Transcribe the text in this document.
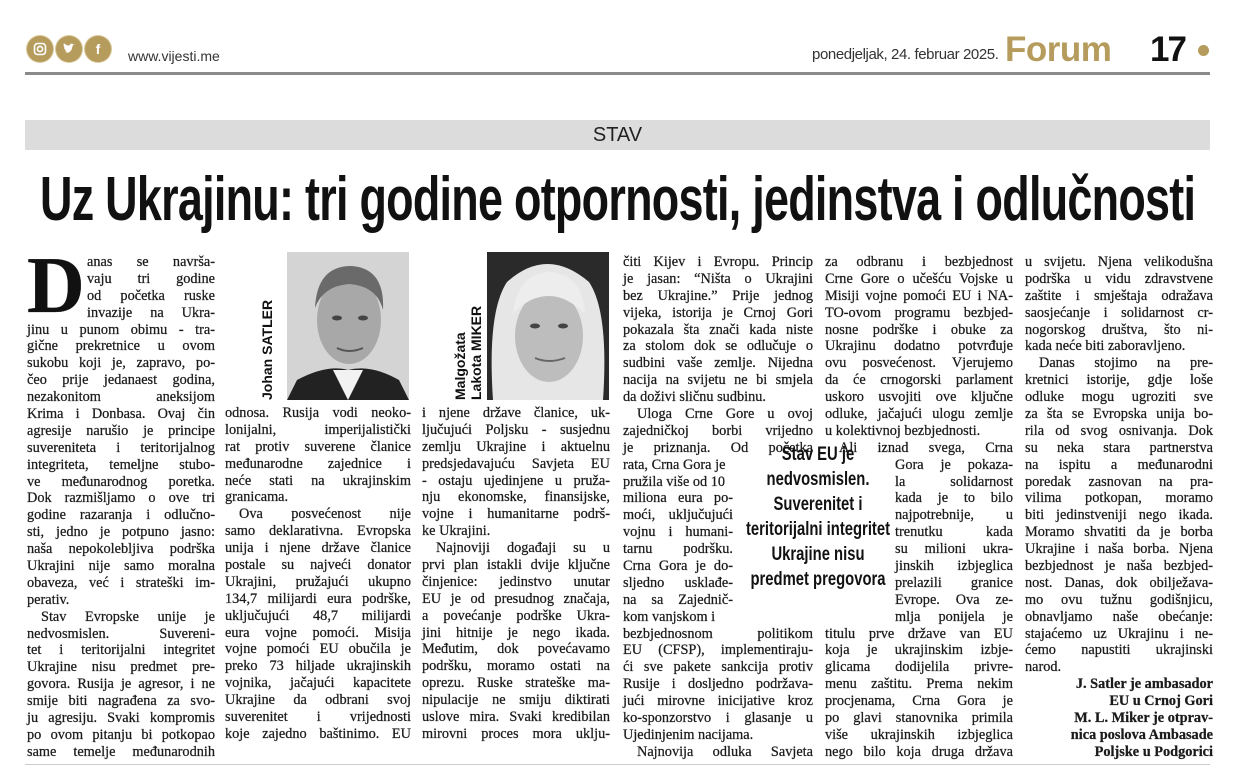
f	www.vijesti.me	ponedjeljak, 24. februar 2025. Forum 17
STAV
Uz Ukrajinu: tri godine otpornosti, jedinstva i odlučnosti
Johan SATLER	Malgožata Lakota MIKER
D anas se navrša-
vaju tri godine
od početka ruske
invazije na Ukra-
jinu u punom obimu - tra-
gične prekretnice u ovom
sukobu koji je, zapravo, po-
čeo prije jedanaest godina,
nezakonitom aneksijom
Krima i Donbasa. Ovaj čin
agresije narušio je principe
suvereniteta i teritorijalnog
integriteta, temeljne stubo-
ve međunarodnog poretka.
Dok razmišljamo o ove tri
godine razaranja i odlučno-
sti, jedno je potpuno jasno:
naša nepokolebljiva podrška
Ukrajini nije samo moralna
obaveza, već i strateški im-
perativ.
Stav Evropske unije je
nedvosmislen. Suvereni-
tet i teritorijalni integritet
Ukrajine nisu predmet pre-
govora. Rusija je agresor, i ne
smije biti nagrađena za svo-
ju agresiju. Svaki kompromis
po ovom pitanju bi potkopao
same temelje međunarodnih
odnosa. Rusija vodi neoko-
lonijalni, imperijalistički
rat protiv suverene članice
međunarodne zajednice i
neće stati na ukrajinskim
granicama.
Ova posvećenost nije
samo deklarativna. Evropska
unija i njene države članice
postale su najveći donator
Ukrajini, pružajući ukupno
134,7 milijardi eura podrške,
uključujući 48,7 milijardi
eura vojne pomoći. Misija
vojne pomoći EU obučila je
preko 73 hiljade ukrajinskih
vojnika, jačajući kapacitete
Ukrajine da odbrani svoj
suverenitet i vrijednosti
koje zajedno baštinimo. EU
i njene države članice, uk-
ljučujući Poljsku - susjednu
zemlju Ukrajine i aktuelnu
predsjedavajuću Savjeta EU
- ostaju ujedinjene u pruža-
nju ekonomske, finansijske,
vojne i humanitarne podrš-
ke Ukrajini.
Najnoviji događaji su u
prvi plan istakli dvije ključne
činjenice: jedinstvo unutar
EU je od presudnog značaja,
a povećanje podrške Ukra-
jini hitnije je nego ikada.
Međutim, dok povećavamo
podršku, moramo ostati na
oprezu. Ruske strateške ma-
nipulacije ne smiju diktirati
uslove mira. Svaki kredibilan
mirovni proces mora uklju-
čiti Kijev i Evropu. Princip
je jasan: “Ništa o Ukrajini
bez Ukrajine.” Prije jednog
vijeka, istorija je Crnoj Gori
pokazala šta znači kada niste
za stolom dok se odlučuje o
sudbini vaše zemlje. Nijedna
nacija na svijetu ne bi smjela
da doživi sličnu sudbinu.
Uloga Crne Gore u ovoj
zajedničkoj borbi vrijedno
je priznanja. Od početka
rata, Crna Gora je
pružila više od 10
miliona eura po-
moći, uključujući
vojnu i humani-
tarnu podršku.
Crna Gora je do-
sljedno usklađe-
na sa Zajednič-
kom vanjskom i
bezbjednosnom politikom
EU (CFSP), implementiraju-
ći sve pakete sankcija protiv
Rusije i dosljedno podržava-
jući mirovne inicijative kroz
ko-sponzorstvo i glasanje u
Ujedinjenim nacijama.
Najnovija odluka Savjeta
za odbranu i bezbjednost
Crne Gore o učešću Vojske u
Misiji vojne pomoći EU i NA-
TO-ovom programu bezbjed-
nosne podrške i obuke za
Ukrajinu dodatno potvrđuje
ovu posvećenost. Vjerujemo
da će crnogorski parlament
uskoro usvojiti ove ključne
odluke, jačajući ulogu zemlje
u kolektivnoj bezbjednosti.
Ali iznad svega, Crna
Gora je pokaza-
la solidarnost
kada je to bilo
najpotrebnije, u
trenutku kada
su milioni ukra-
jinskih izbjeglica
prelazili granice
Evrope. Ova ze-
mlja ponijela je
titulu prve države van EU
koja je ukrajinskim izbje-
glicama dodijelila privre-
menu zaštitu. Prema nekim
procjenama, Crna Gora je
po glavi stanovnika primila
više ukrajinskih izbjeglica
nego bilo koja druga država
u svijetu. Njena velikodušna
podrška u vidu zdravstvene
zaštite i smještaja odražava
saosjećanje i solidarnost cr-
nogorskog društva, što ni-
kada neće biti zaboravljeno.
Danas stojimo na pre-
kretnici istorije, gdje loše
odluke mogu ugroziti sve
za šta se Evropska unija bo-
rila od svog osnivanja. Dok
su neka stara partnerstva
na ispitu a međunarodni
poredak zasnovan na pra-
vilima potkopan, moramo
biti jedinstveniji nego ikada.
Moramo shvatiti da je borba
Ukrajine i naša borba. Njena
bezbjednost je naša bezbjed-
nost. Danas, dok obilježava-
mo ovu tužnu godišnjicu,
obnavljamo naše obećanje:
stajaćemo uz Ukrajinu i ne-
ćemo napustiti ukrajinski
narod.
J. Satler je ambasador
EU u Crnoj Gori
M. L. Miker je otprav-
nica poslova Ambasade
Poljske u Podgorici
Stav EU je
nedvosmislen.
Suverenitet i
teritorijalni integritet
Ukrajine nisu
predmet pregovora
